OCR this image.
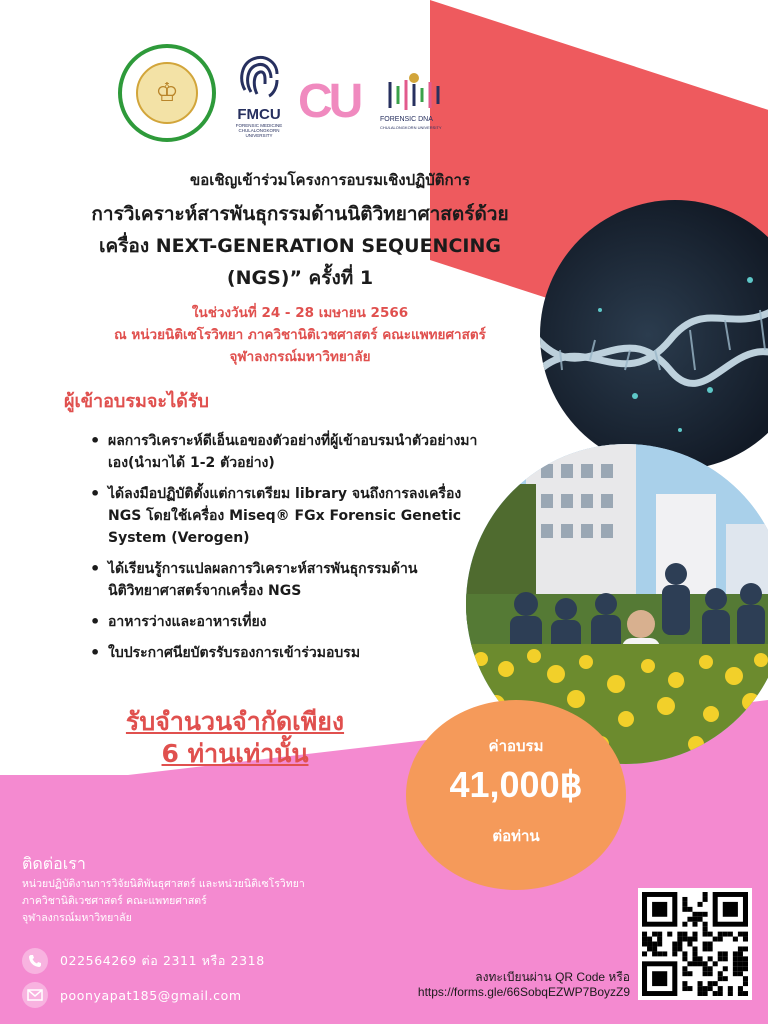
♔
FMCU
FORENSIC MEDICINE
CHULALONGKORN UNIVERSITY
CU	FORENSIC DNA
CHULALONGKORN UNIVERSITY
ขอเชิญเข้าร่วมโครงการอบรมเชิงปฏิบัติการ
การวิเคราะห์สารพันธุกรรมด้านนิติวิทยาศาสตร์ด้วย
เครื่อง NEXT-GENERATION SEQUENCING
(NGS)” ครั้งที่ 1
ในช่วงวันที่ 24 - 28 เมษายน 2566
ณ หน่วยนิติเซโรวิทยา ภาควิชานิติเวชศาสตร์ คณะแพทยศาสตร์
จุฬาลงกรณ์มหาวิทยาลัย
ผู้เข้าอบรมจะได้รับ
• ผลการวิเคราะห์ดีเอ็นเอของตัวอย่างที่ผู้เข้าอบรมนำตัวอย่างมาเอง(นำมาได้ 1-2 ตัวอย่าง)
• ได้ลงมือปฏิบัติตั้งแต่การเตรียม library จนถึงการลงเครื่อง NGS โดยใช้เครื่อง Miseq® FGx Forensic Genetic System (Verogen)
• ได้เรียนรู้การแปลผลการวิเคราะห์สารพันธุกรรมด้านนิติวิทยาศาสตร์จากเครื่อง NGS
• อาหารว่างและอาหารเที่ยง
• ใบประกาศนียบัตรรับรองการเข้าร่วมอบรม
รับจำนวนจำกัดเพียง
6 ท่านเท่านั้น	ค่าอบรม
41,000฿
ต่อท่าน
ติดต่อเรา
หน่วยปฏิบัติงานการวิจัยนิติพันธุศาสตร์ และหน่วยนิติเซโรวิทยา
ภาควิชานิติเวชศาสตร์ คณะแพทยศาสตร์
จุฬาลงกรณ์มหาวิทยาลัย
022564269 ต่อ 2311 หรือ 2318
poonyapat185@gmail.com
ลงทะเบียนผ่าน QR Code หรือ
https://forms.gle/66SobqEZWP7BoyzZ9
